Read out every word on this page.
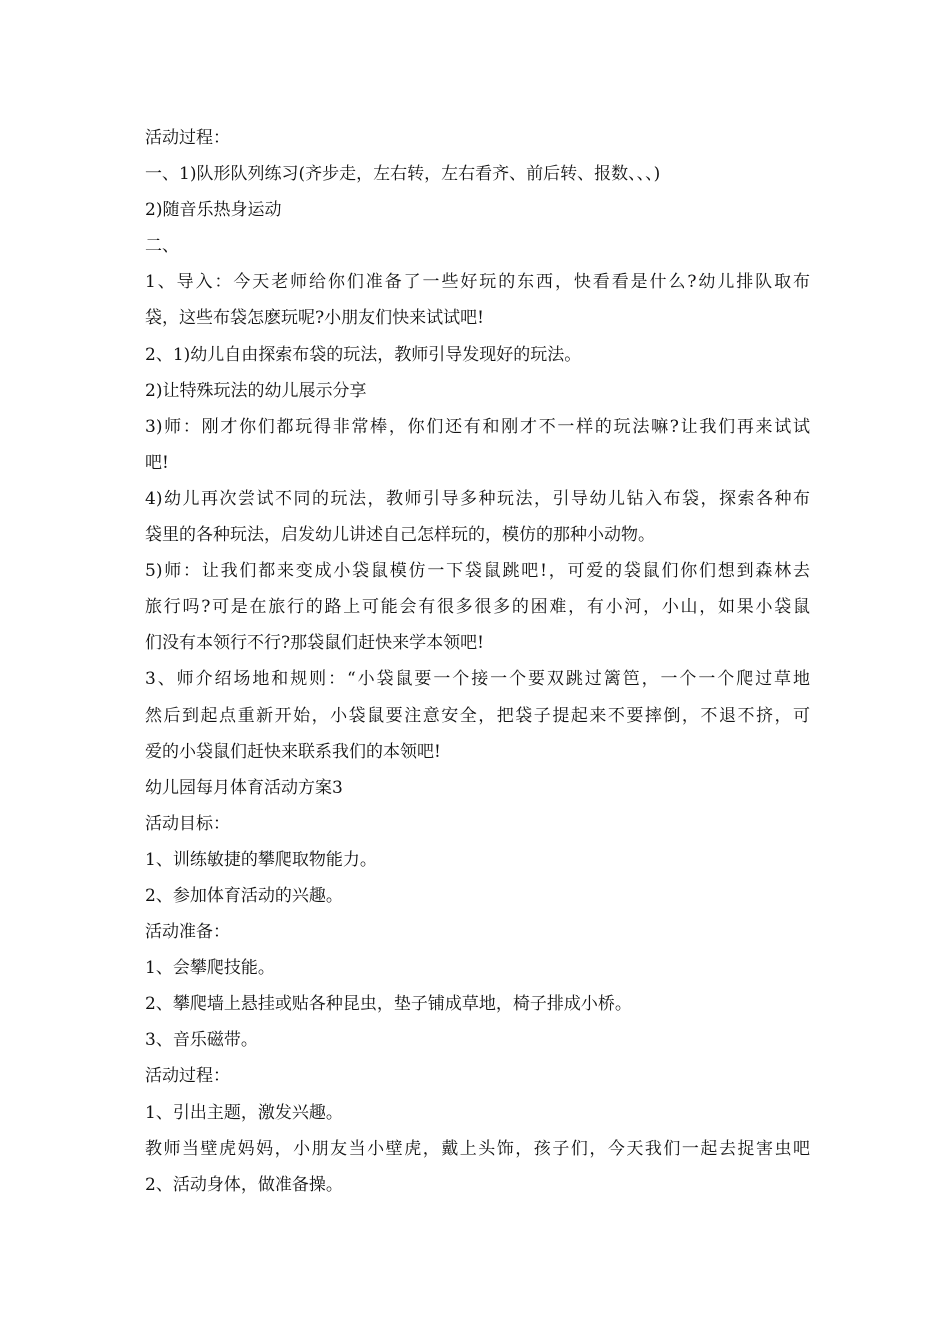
活动过程：
一、1)队形队列练习(齐步走，左右转，左右看齐、前后转、报数、、、)
2)随音乐热身运动
二、
1、导入：今天老师给你们准备了一些好玩的东西，快看看是什么?幼儿排队取布
袋，这些布袋怎麽玩呢?小朋友们快来试试吧!
2、1)幼儿自由探索布袋的玩法，教师引导发现好的玩法。
2)让特殊玩法的幼儿展示分享
3)师：刚才你们都玩得非常棒，你们还有和刚才不一样的玩法嘛?让我们再来试试
吧!
4)幼儿再次尝试不同的玩法，教师引导多种玩法，引导幼儿钻入布袋，探索各种布
袋里的各种玩法，启发幼儿讲述自己怎样玩的，模仿的那种小动物。
5)师：让我们都来变成小袋鼠模仿一下袋鼠跳吧!，可爱的袋鼠们你们想到森林去
旅行吗?可是在旅行的路上可能会有很多很多的困难，有小河，小山，如果小袋鼠
们没有本领行不行?那袋鼠们赶快来学本领吧!
3、师介绍场地和规则：“小袋鼠要一个接一个要双跳过篱笆，一个一个爬过草地
然后到起点重新开始，小袋鼠要注意安全，把袋子提起来不要摔倒，不退不挤，可
爱的小袋鼠们赶快来联系我们的本领吧!
幼儿园每月体育活动方案3
活动目标：
1、训练敏捷的攀爬取物能力。
2、参加体育活动的兴趣。
活动准备：
1、会攀爬技能。
2、攀爬墙上悬挂或贴各种昆虫，垫子铺成草地，椅子排成小桥。
3、音乐磁带。
活动过程：
1、引出主题，激发兴趣。
教师当壁虎妈妈，小朋友当小壁虎，戴上头饰，孩子们，今天我们一起去捉害虫吧
2、活动身体，做准备操。
